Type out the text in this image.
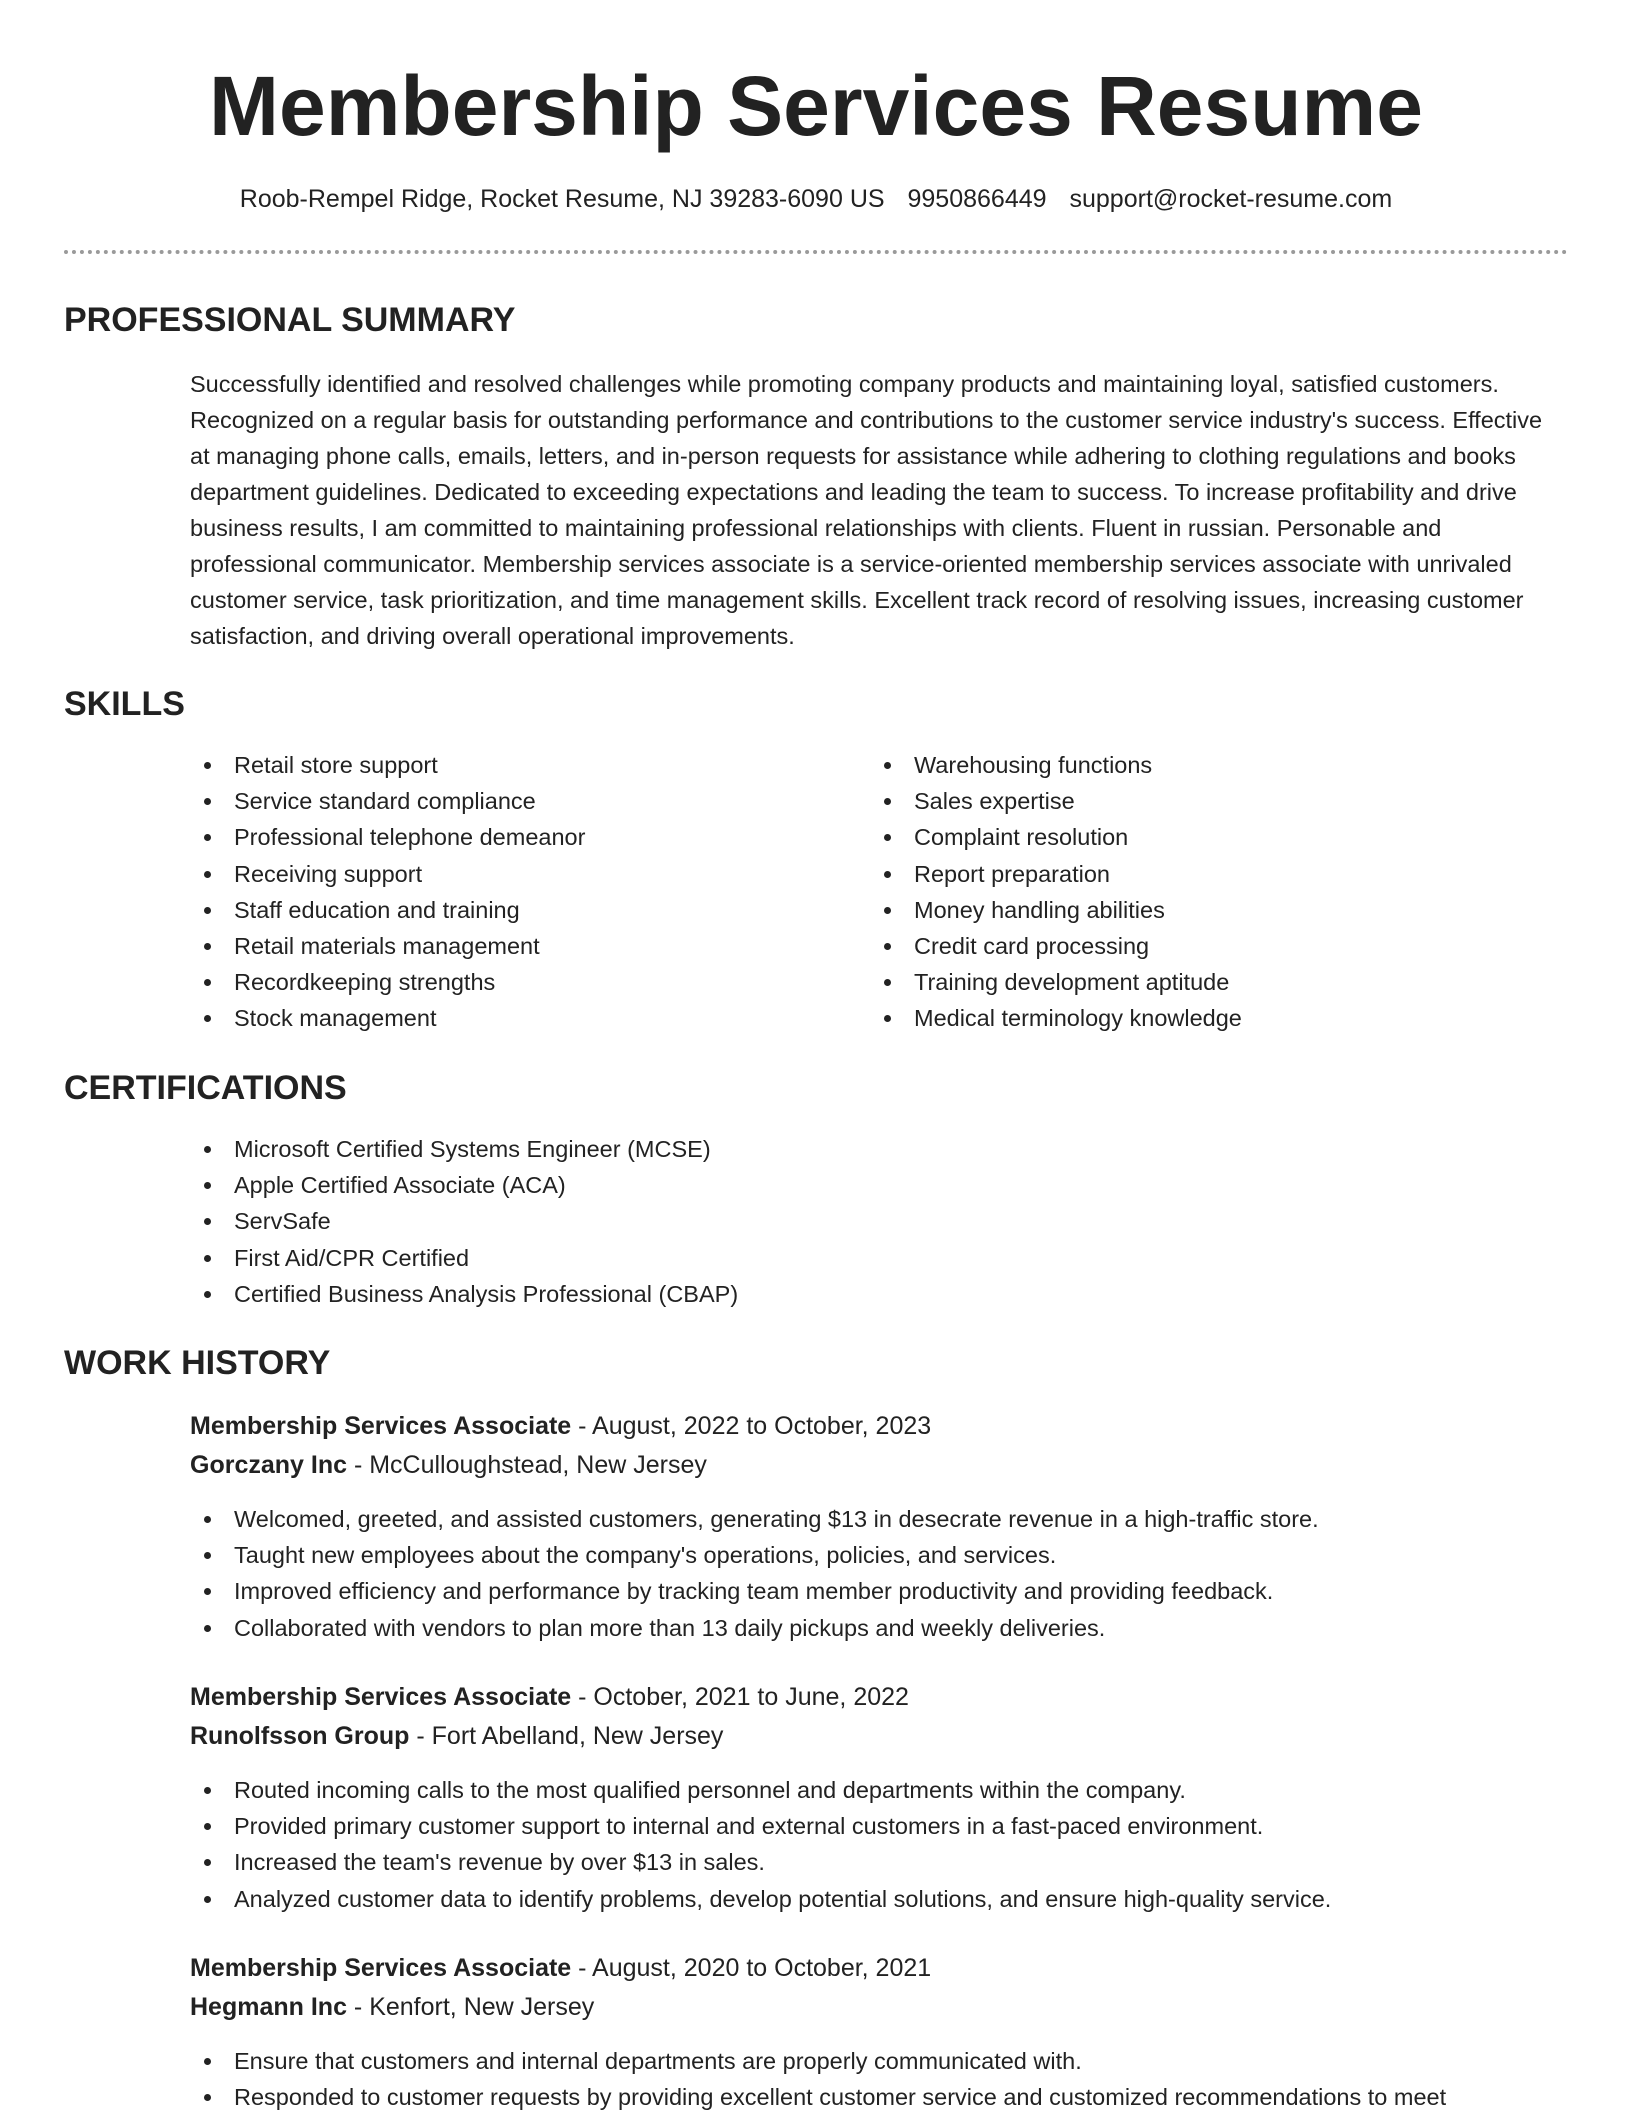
Membership Services Resume
Roob-Rempel Ridge, Rocket Resume, NJ 39283-6090 US 9950866449 support@rocket-resume.com
PROFESSIONAL SUMMARY

Successfully identified and resolved challenges while promoting company products and maintaining loyal, satisfied customers. Recognized on a regular basis for outstanding performance and contributions to the customer service industry's success. Effective at managing phone calls, emails, letters, and in-person requests for assistance while adhering to clothing regulations and books department guidelines. Dedicated to exceeding expectations and leading the team to success. To increase profitability and drive business results, I am committed to maintaining professional relationships with clients. Fluent in russian. Personable and professional communicator. Membership services associate is a service-oriented membership services associate with unrivaled customer service, task prioritization, and time management skills. Excellent track record of resolving issues, increasing customer satisfaction, and driving overall operational improvements.

SKILLS
Retail store support
Service standard compliance
Professional telephone demeanor
Receiving support
Staff education and training
Retail materials management
Recordkeeping strengths
Stock management
Warehousing functions
Sales expertise
Complaint resolution
Report preparation
Money handling abilities
Credit card processing
Training development aptitude
Medical terminology knowledge
CERTIFICATIONS
Microsoft Certified Systems Engineer (MCSE)
Apple Certified Associate (ACA)
ServSafe
First Aid/CPR Certified
Certified Business Analysis Professional (CBAP)
WORK HISTORY
Membership Services Associate - August, 2022 to October, 2023
Gorczany Inc - McCulloughstead, New Jersey
Welcomed, greeted, and assisted customers, generating $13 in desecrate revenue in a high-traffic store.
Taught new employees about the company's operations, policies, and services.
Improved efficiency and performance by tracking team member productivity and providing feedback.
Collaborated with vendors to plan more than 13 daily pickups and weekly deliveries.
Membership Services Associate - October, 2021 to June, 2022
Runolfsson Group - Fort Abelland, New Jersey
Routed incoming calls to the most qualified personnel and departments within the company.
Provided primary customer support to internal and external customers in a fast-paced environment.
Increased the team's revenue by over $13 in sales.
Analyzed customer data to identify problems, develop potential solutions, and ensure high-quality service.
Membership Services Associate - August, 2020 to October, 2021
Hegmann Inc - Kenfort, New Jersey
Ensure that customers and internal departments are properly communicated with.
Responded to customer requests by providing excellent customer service and customized recommendations to meet
